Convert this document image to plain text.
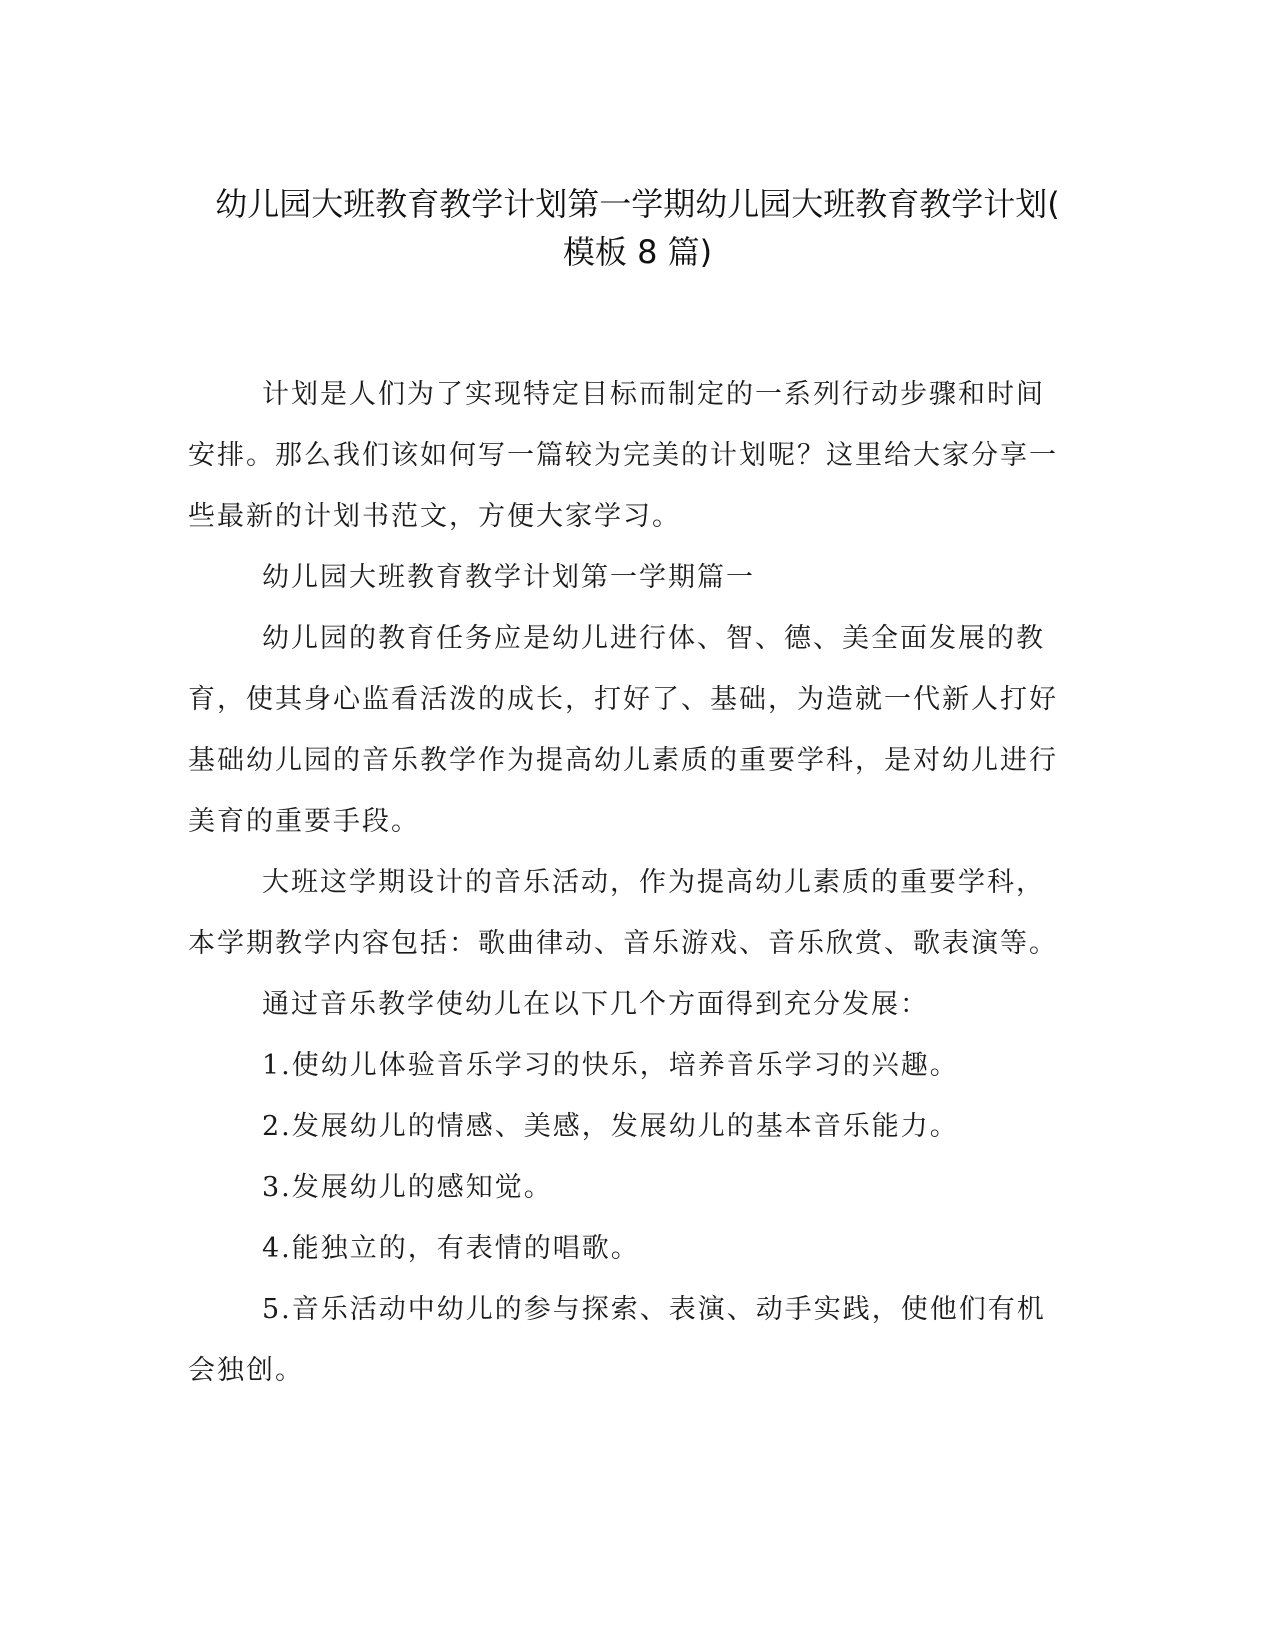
幼儿园大班教育教学计划第一学期幼儿园大班教育教学计划(
模板 8 篇)

计划是人们为了实现特定目标而制定的一系列行动步骤和时间安排。那么我们该如何写一篇较为完美的计划呢？这里给大家分享一些最新的计划书范文，方便大家学习。

幼儿园大班教育教学计划第一学期篇一

幼儿园的教育任务应是幼儿进行体、智、德、美全面发展的教育，使其身心监看活泼的成长，打好了、基础，为造就一代新人打好基础幼儿园的音乐教学作为提高幼儿素质的重要学科，是对幼儿进行美育的重要手段。

大班这学期设计的音乐活动，作为提高幼儿素质的重要学科，本学期教学内容包括：歌曲律动、音乐游戏、音乐欣赏、歌表演等。

通过音乐教学使幼儿在以下几个方面得到充分发展：

1.使幼儿体验音乐学习的快乐，培养音乐学习的兴趣。

2.发展幼儿的情感、美感，发展幼儿的基本音乐能力。

3.发展幼儿的感知觉。

4.能独立的，有表情的唱歌。

5.音乐活动中幼儿的参与探索、表演、动手实践，使他们有机会独创。
